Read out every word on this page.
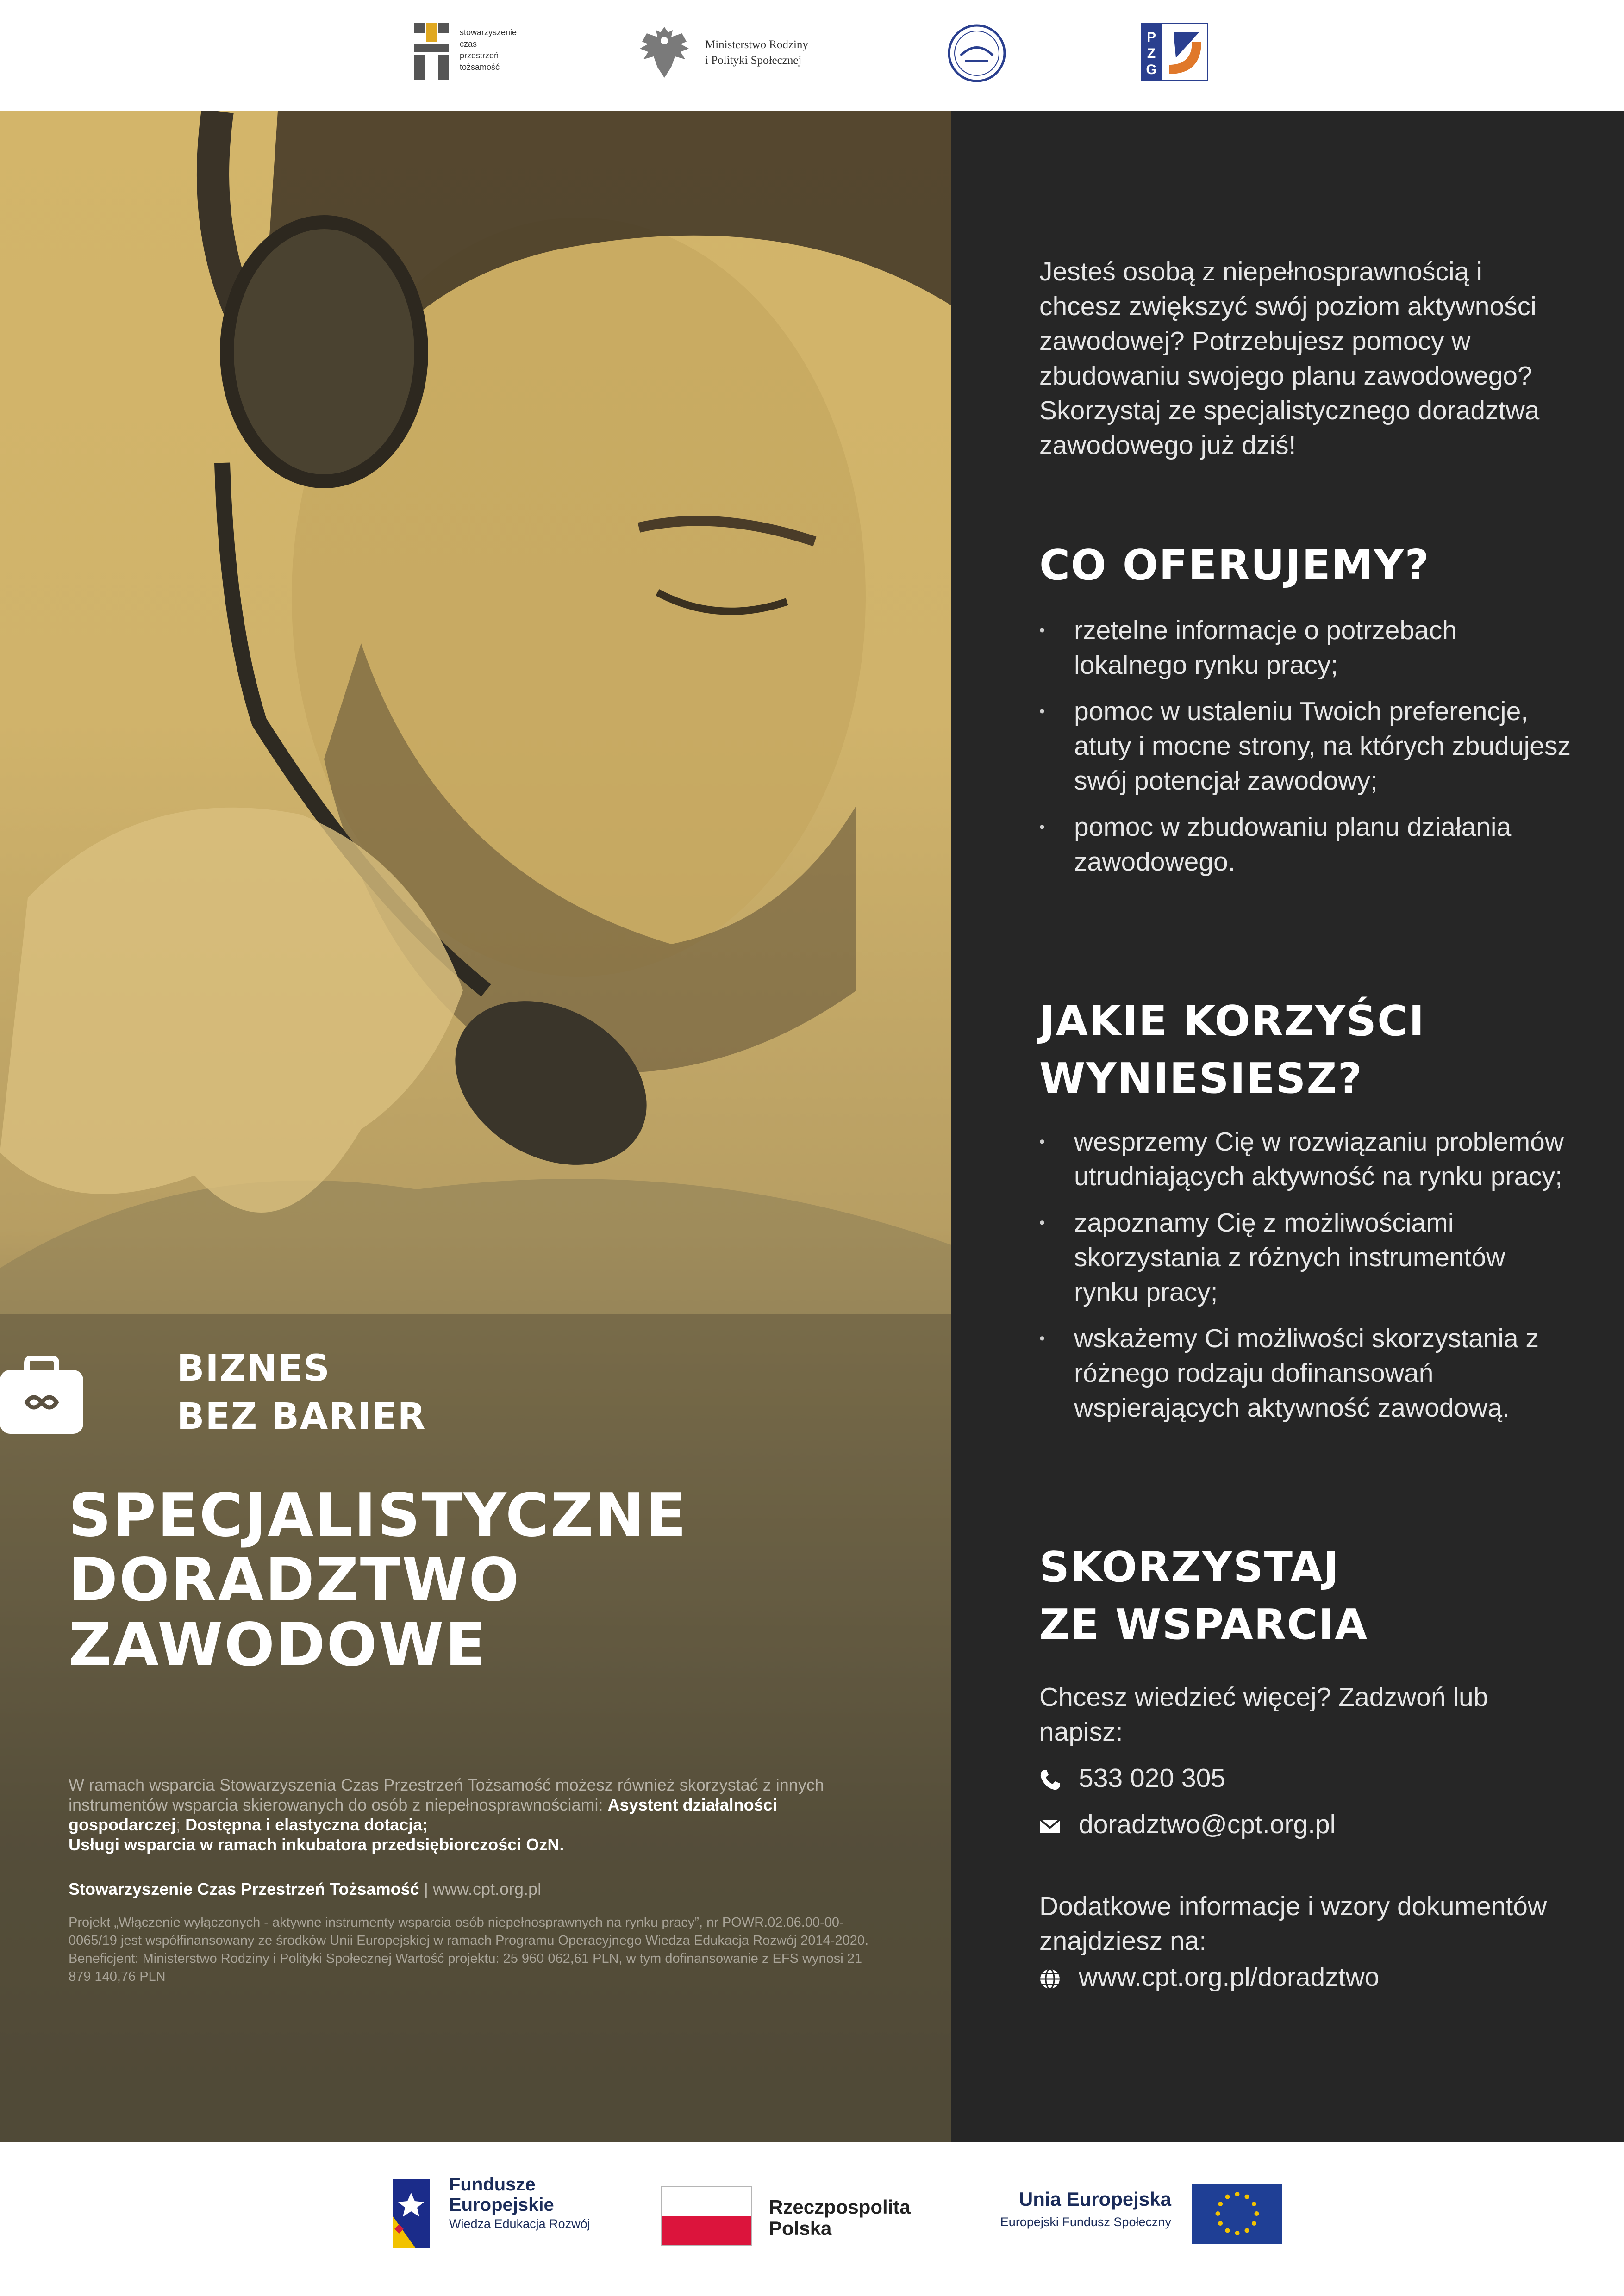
stowarzyszenie
czas
przestrzeń
tożsamość
Ministerstwo Rodziny
i Polityki Społecznej
P
Z
G
BIZNES
BEZ BARIER
SPECJALISTYCZNE
DORADZTWO
ZAWODOWE
W ramach wsparcia Stowarzyszenia Czas Przestrzeń Tożsamość możesz również skorzystać z innych instrumentów wsparcia skierowanych do osób z niepełnosprawnościami: Asystent działalności gospodarczej; Dostępna i elastyczna dotacja;
Usługi wsparcia w ramach inkubatora przedsiębiorczości OzN.
Stowarzyszenie Czas Przestrzeń Tożsamość | www.cpt.org.pl
Projekt „Włączenie wyłączonych - aktywne instrumenty wsparcia osób niepełnosprawnych na rynku pracy”, nr POWR.02.06.00-00-0065/19 jest współfinansowany ze środków Unii Europejskiej w ramach Programu Operacyjnego Wiedza Edukacja Rozwój 2014-2020. Beneficjent: Ministerstwo Rodziny i Polityki Społecznej Wartość projektu: 25 960 062,61 PLN, w tym dofinansowanie z EFS wynosi 21 879 140,76 PLN
Jesteś osobą z niepełnosprawnością i chcesz zwiększyć swój poziom aktywności zawodowej? Potrzebujesz pomocy w zbudowaniu swojego planu zawodowego? Skorzystaj ze specjalistycznego doradztwa zawodowego już dziś!
CO OFERUJEMY?
• rzetelne informacje o potrzebach lokalnego rynku pracy;
• pomoc w ustaleniu Twoich preferencje, atuty i mocne strony, na których zbudujesz swój potencjał zawodowy;
• pomoc w zbudowaniu planu działania zawodowego.
JAKIE KORZYŚCI
WYNIESIESZ?
• wesprzemy Cię w rozwiązaniu problemów utrudniających aktywność na rynku pracy;
• zapoznamy Cię z możliwościami skorzystania z różnych instrumentów rynku pracy;
• wskażemy Ci możliwości skorzystania z różnego rodzaju dofinansowań wspierających aktywność zawodową.
SKORZYSTAJ
ZE WSPARCIA
Chcesz wiedzieć więcej? Zadzwoń lub napisz:
533 020 305
doradztwo@cpt.org.pl
Dodatkowe informacje i wzory dokumentów znajdziesz na:
www.cpt.org.pl/doradztwo
Fundusze
Europejskie
Wiedza Edukacja Rozwój
Rzeczpospolita
Polska
Unia Europejska
Europejski Fundusz Społeczny
